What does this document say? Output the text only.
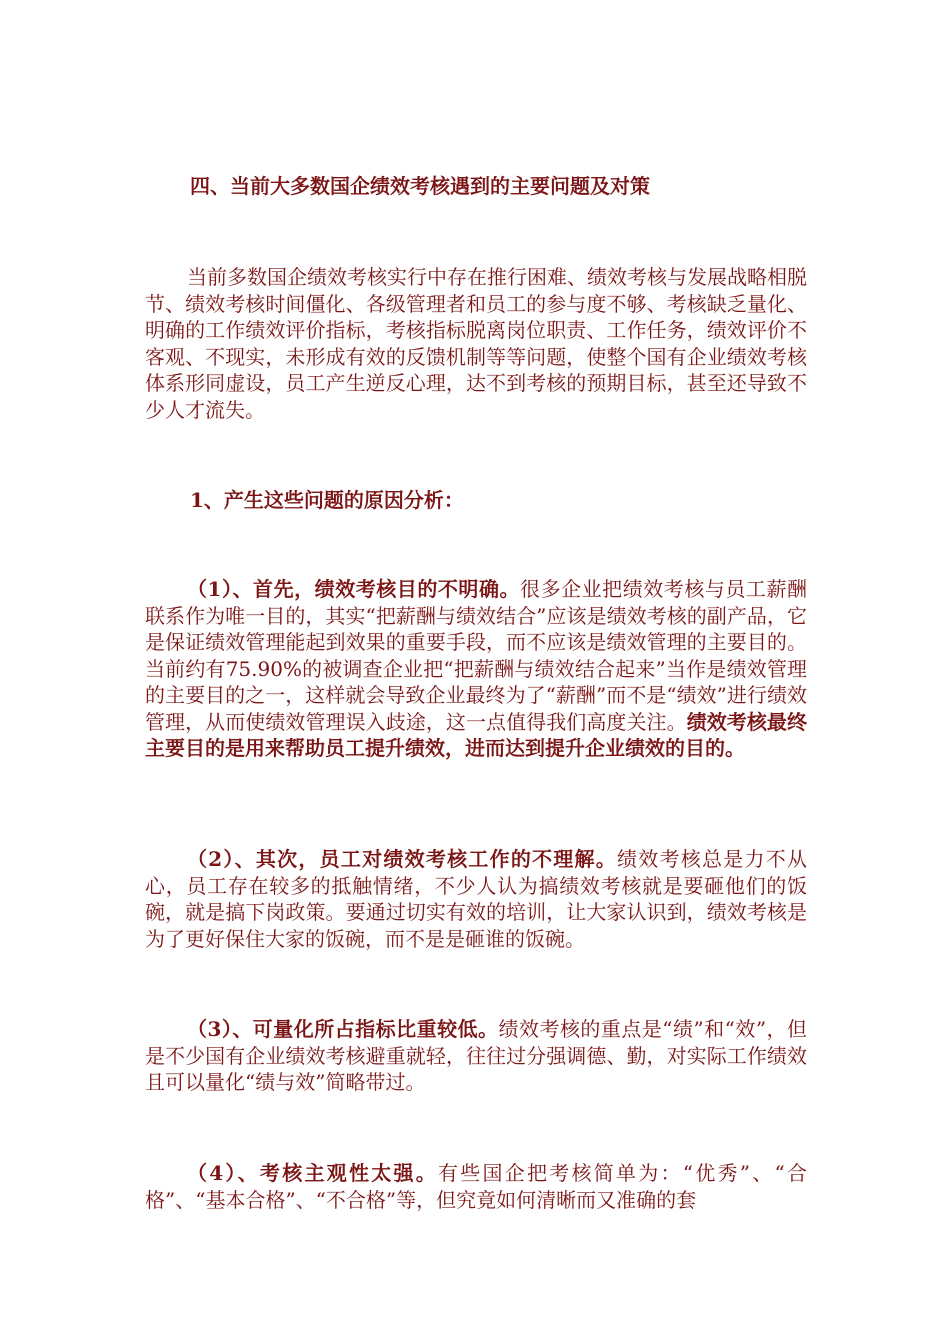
四、当前大多数国企绩效考核遇到的主要问题及对策

当前多数国企绩效考核实行中存在推行困难、绩效考核与发展战略相脱节、绩效考核时间僵化、各级管理者和员工的参与度不够、考核缺乏量化、明确的工作绩效评价指标，考核指标脱离岗位职责、工作任务，绩效评价不客观、不现实，未形成有效的反馈机制等等问题，使整个国有企业绩效考核体系形同虚设，员工产生逆反心理，达不到考核的预期目标，甚至还导致不少人才流失。

1、产生这些问题的原因分析：

（1）、首先，绩效考核目的不明确。很多企业把绩效考核与员工薪酬联系作为唯一目的，其实“把薪酬与绩效结合”应该是绩效考核的副产品，它是保证绩效管理能起到效果的重要手段，而不应该是绩效管理的主要目的。当前约有75.90%的被调查企业把“把薪酬与绩效结合起来”当作是绩效管理的主要目的之一，这样就会导致企业最终为了“薪酬”而不是“绩效”进行绩效管理，从而使绩效管理误入歧途，这一点值得我们高度关注。绩效考核最终主要目的是用来帮助员工提升绩效，进而达到提升企业绩效的目的。

（2）、其次，员工对绩效考核工作的不理解。绩效考核总是力不从心，员工存在较多的抵触情绪，不少人认为搞绩效考核就是要砸他们的饭碗，就是搞下岗政策。要通过切实有效的培训，让大家认识到，绩效考核是为了更好保住大家的饭碗，而不是是砸谁的饭碗。

（3）、可量化所占指标比重较低。绩效考核的重点是“绩”和“效”，但是不少国有企业绩效考核避重就轻，往往过分强调德、勤，对实际工作绩效且可以量化“绩与效”简略带过。

（4）、考核主观性太强。有些国企把考核简单为：“优秀”、“合格”、“基本合格”、“不合格”等，但究竟如何清晰而又准确的套
